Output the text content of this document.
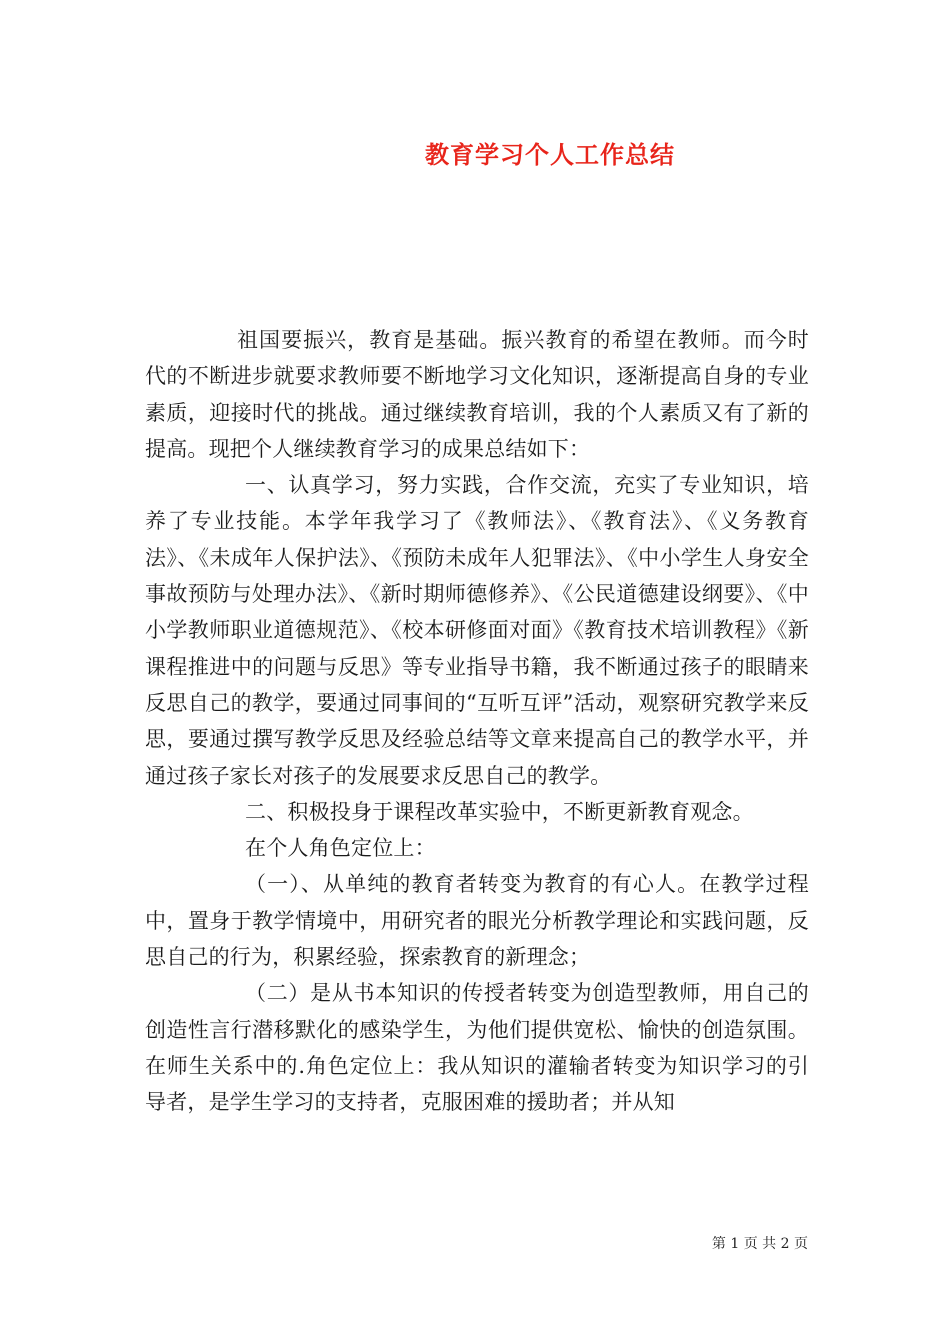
教育学习个人工作总结

祖国要振兴，教育是基础。振兴教育的希望在教师。而今时代的不断进步就要求教师要不断地学习文化知识，逐渐提高自身的专业素质，迎接时代的挑战。通过继续教育培训，我的个人素质又有了新的提高。现把个人继续教育学习的成果总结如下：

一、认真学习，努力实践，合作交流，充实了专业知识，培养了专业技能。本学年我学习了《教师法》、《教育法》、《义务教育法》、《未成年人保护法》、《预防未成年人犯罪法》、《中小学生人身安全事故预防与处理办法》、《新时期师德修养》、《公民道德建设纲要》、《中小学教师职业道德规范》、《校本研修面对面》《教育技术培训教程》《新课程推进中的问题与反思》等专业指导书籍，我不断通过孩子的眼睛来反思自己的教学，要通过同事间的“互听互评”活动，观察研究教学来反思，要通过撰写教学反思及经验总结等文章来提高自己的教学水平，并通过孩子家长对孩子的发展要求反思自己的教学。

二、积极投身于课程改革实验中，不断更新教育观念。

在个人角色定位上：

（一）、从单纯的教育者转变为教育的有心人。在教学过程中，置身于教学情境中，用研究者的眼光分析教学理论和实践问题，反思自己的行为，积累经验，探索教育的新理念；

（二）是从书本知识的传授者转变为创造型教师，用自己的创造性言行潜移默化的感染学生，为他们提供宽松、愉快的创造氛围。在师生关系中的.角色定位上：我从知识的灌输者转变为知识学习的引导者，是学生学习的支持者，克服困难的援助者；并从知

第 1 页 共 2 页
